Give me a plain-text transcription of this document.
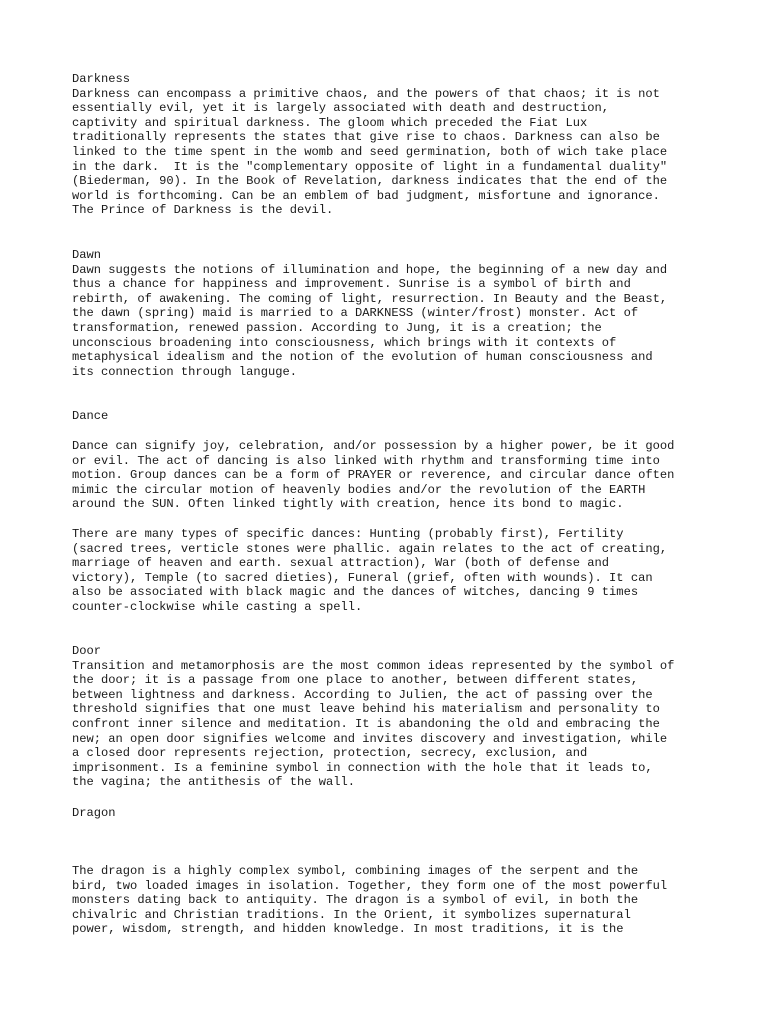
Darkness

Darkness can encompass a primitive chaos, and the powers of that chaos; it is not
essentially evil, yet it is largely associated with death and destruction,
captivity and spiritual darkness. The gloom which preceded the Fiat Lux
traditionally represents the states that give rise to chaos. Darkness can also be
linked to the time spent in the womb and seed germination, both of wich take place
in the dark.  It is the "complementary opposite of light in a fundamental duality"
(Biederman, 90). In the Book of Revelation, darkness indicates that the end of the
world is forthcoming. Can be an emblem of bad judgment, misfortune and ignorance.
The Prince of Darkness is the devil.

Dawn

Dawn suggests the notions of illumination and hope, the beginning of a new day and
thus a chance for happiness and improvement. Sunrise is a symbol of birth and
rebirth, of awakening. The coming of light, resurrection. In Beauty and the Beast,
the dawn (spring) maid is married to a DARKNESS (winter/frost) monster. Act of
transformation, renewed passion. According to Jung, it is a creation; the
unconscious broadening into consciousness, which brings with it contexts of
metaphysical idealism and the notion of the evolution of human consciousness and
its connection through languge.

Dance

Dance can signify joy, celebration, and/or possession by a higher power, be it good
or evil. The act of dancing is also linked with rhythm and transforming time into
motion. Group dances can be a form of PRAYER or reverence, and circular dance often
mimic the circular motion of heavenly bodies and/or the revolution of the EARTH
around the SUN. Often linked tightly with creation, hence its bond to magic.

There are many types of specific dances: Hunting (probably first), Fertility
(sacred trees, verticle stones were phallic. again relates to the act of creating,
marriage of heaven and earth. sexual attraction), War (both of defense and
victory), Temple (to sacred dieties), Funeral (grief, often with wounds). It can
also be associated with black magic and the dances of witches, dancing 9 times
counter-clockwise while casting a spell.

Door

Transition and metamorphosis are the most common ideas represented by the symbol of
the door; it is a passage from one place to another, between different states,
between lightness and darkness. According to Julien, the act of passing over the
threshold signifies that one must leave behind his materialism and personality to
confront inner silence and meditation. It is abandoning the old and embracing the
new; an open door signifies welcome and invites discovery and investigation, while
a closed door represents rejection, protection, secrecy, exclusion, and
imprisonment. Is a feminine symbol in connection with the hole that it leads to,
the vagina; the antithesis of the wall.

Dragon

The dragon is a highly complex symbol, combining images of the serpent and the
bird, two loaded images in isolation. Together, they form one of the most powerful
monsters dating back to antiquity. The dragon is a symbol of evil, in both the
chivalric and Christian traditions. In the Orient, it symbolizes supernatural
power, wisdom, strength, and hidden knowledge. In most traditions, it is the
